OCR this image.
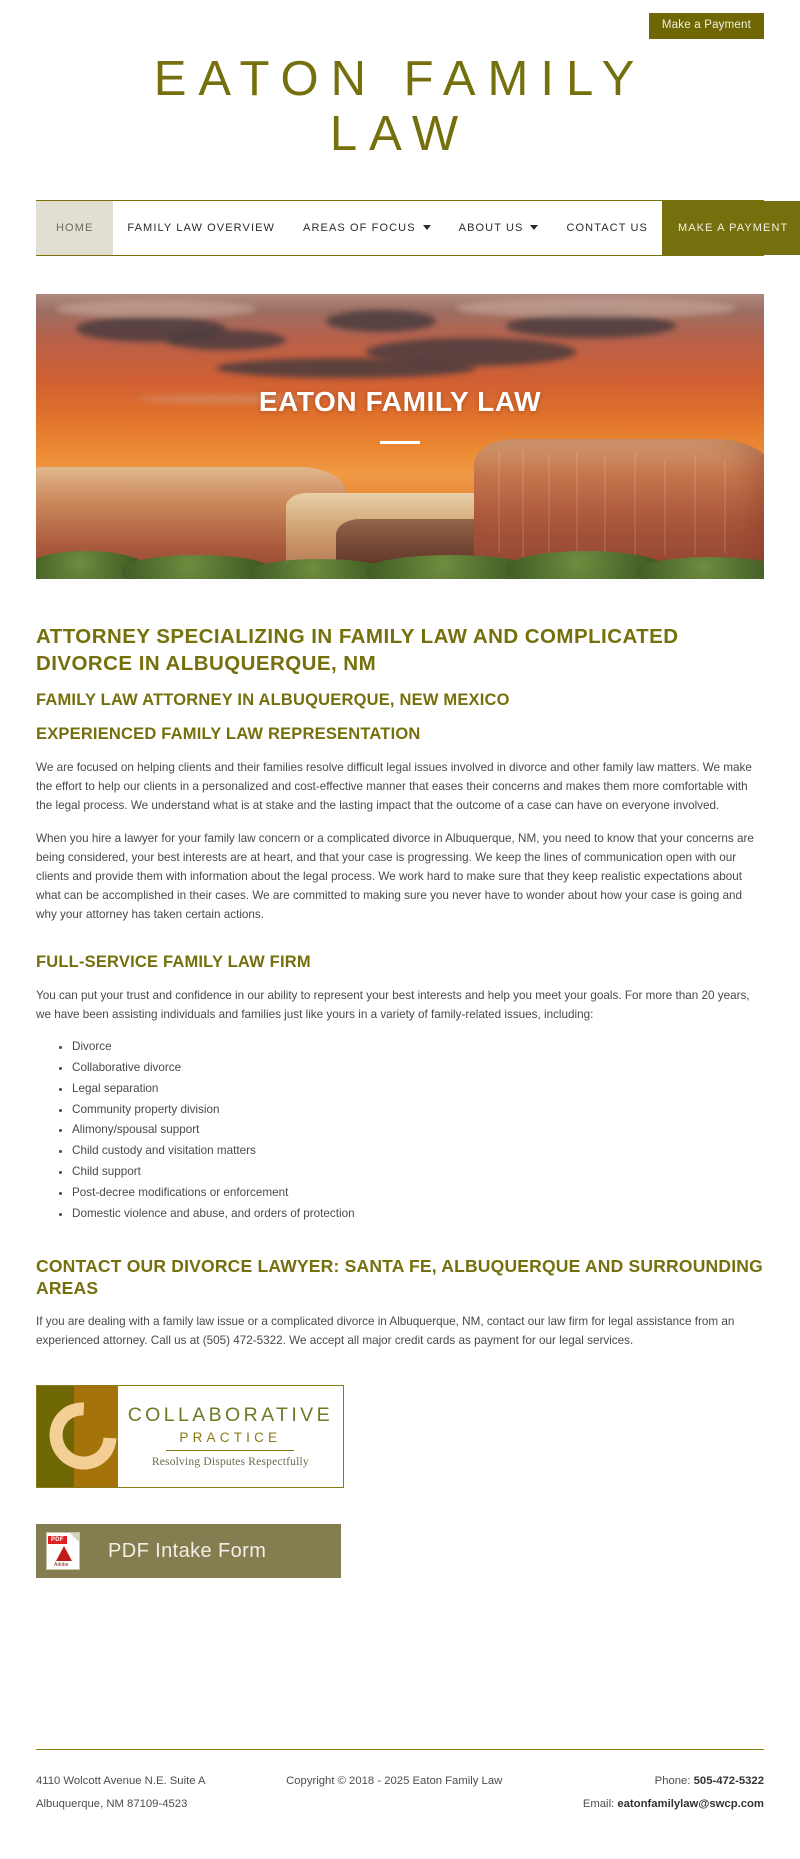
Make a Payment
EATON FAMILY
LAW
HOME	FAMILY LAW OVERVIEW	AREAS OF FOCUS	ABOUT US	CONTACT US	MAKE A PAYMENT
EATON FAMILY LAW
ATTORNEY SPECIALIZING IN FAMILY LAW AND COMPLICATED DIVORCE IN ALBUQUERQUE, NM
FAMILY LAW ATTORNEY IN ALBUQUERQUE, NEW MEXICO
EXPERIENCED FAMILY LAW REPRESENTATION

We are focused on helping clients and their families resolve difficult legal issues involved in divorce and other family law matters. We make the effort to help our clients in a personalized and cost-effective manner that eases their concerns and makes them more comfortable with the legal process. We understand what is at stake and the lasting impact that the outcome of a case can have on everyone involved.

When you hire a lawyer for your family law concern or a complicated divorce in Albuquerque, NM, you need to know that your concerns are being considered, your best interests are at heart, and that your case is progressing. We keep the lines of communication open with our clients and provide them with information about the legal process. We work hard to make sure that they keep realistic expectations about what can be accomplished in their cases. We are committed to making sure you never have to wonder about how your case is going and why your attorney has taken certain actions.

FULL-SERVICE FAMILY LAW FIRM

You can put your trust and confidence in our ability to represent your best interests and help you meet your goals. For more than 20 years, we have been assisting individuals and families just like yours in a variety of family-related issues, including:

• Divorce
• Collaborative divorce
• Legal separation
• Community property division
• Alimony/spousal support
• Child custody and visitation matters
• Child support
• Post-decree modifications or enforcement
• Domestic violence and abuse, and orders of protection
CONTACT OUR DIVORCE LAWYER: SANTA FE, ALBUQUERQUE AND SURROUNDING AREAS

If you are dealing with a family law issue or a complicated divorce in Albuquerque, NM, contact our law firm for legal assistance from an experienced attorney. Call us at (505) 472-5322. We accept all major credit cards as payment for our legal services.

COLLABORATIVE
PRACTICE
Resolving Disputes Respectfully
PDF
Adobe
PDF Intake Form
4110 Wolcott Avenue N.E. Suite A
Albuquerque, NM 87109-4523
Copyright © 2018 - 2025 Eaton Family Law	Phone: 505-472-5322
Email: eatonfamilylaw@swcp.com
